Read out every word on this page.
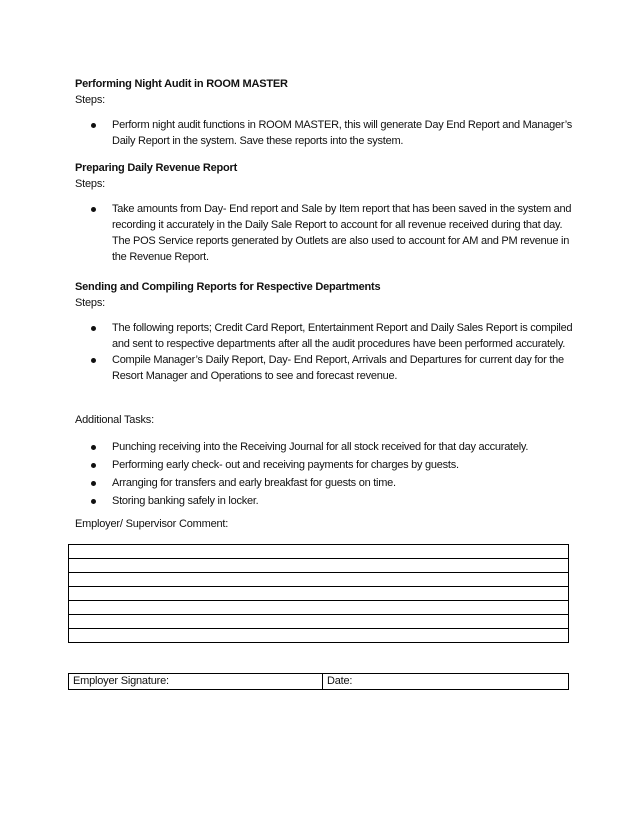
Performing Night Audit in ROOM MASTER
Steps:
Perform night audit functions in ROOM MASTER, this will generate Day End Report and Manager’s Daily Report in the system. Save these reports into the system.
Preparing Daily Revenue Report
Steps:
Take amounts from Day- End report and Sale by Item report that has been saved in the system and recording it accurately in the Daily Sale Report to account for all revenue received during that day. The POS Service reports generated by Outlets are also used to account for AM and PM revenue in the Revenue Report.
Sending and Compiling Reports for Respective Departments
Steps:
The following reports; Credit Card Report, Entertainment Report and Daily Sales Report is compiled and sent to respective departments after all the audit procedures have been performed accurately.
Compile Manager’s Daily Report, Day- End Report, Arrivals and Departures for current day for the Resort Manager and Operations to see and forecast revenue.
Additional Tasks:
Punching receiving into the Receiving Journal for all stock received for that day accurately.
Performing early check- out and receiving payments for charges by guests.
Arranging for transfers and early breakfast for guests on time.
Storing banking safely in locker.
Employer/ Supervisor Comment:

Employer Signature:	Date:
